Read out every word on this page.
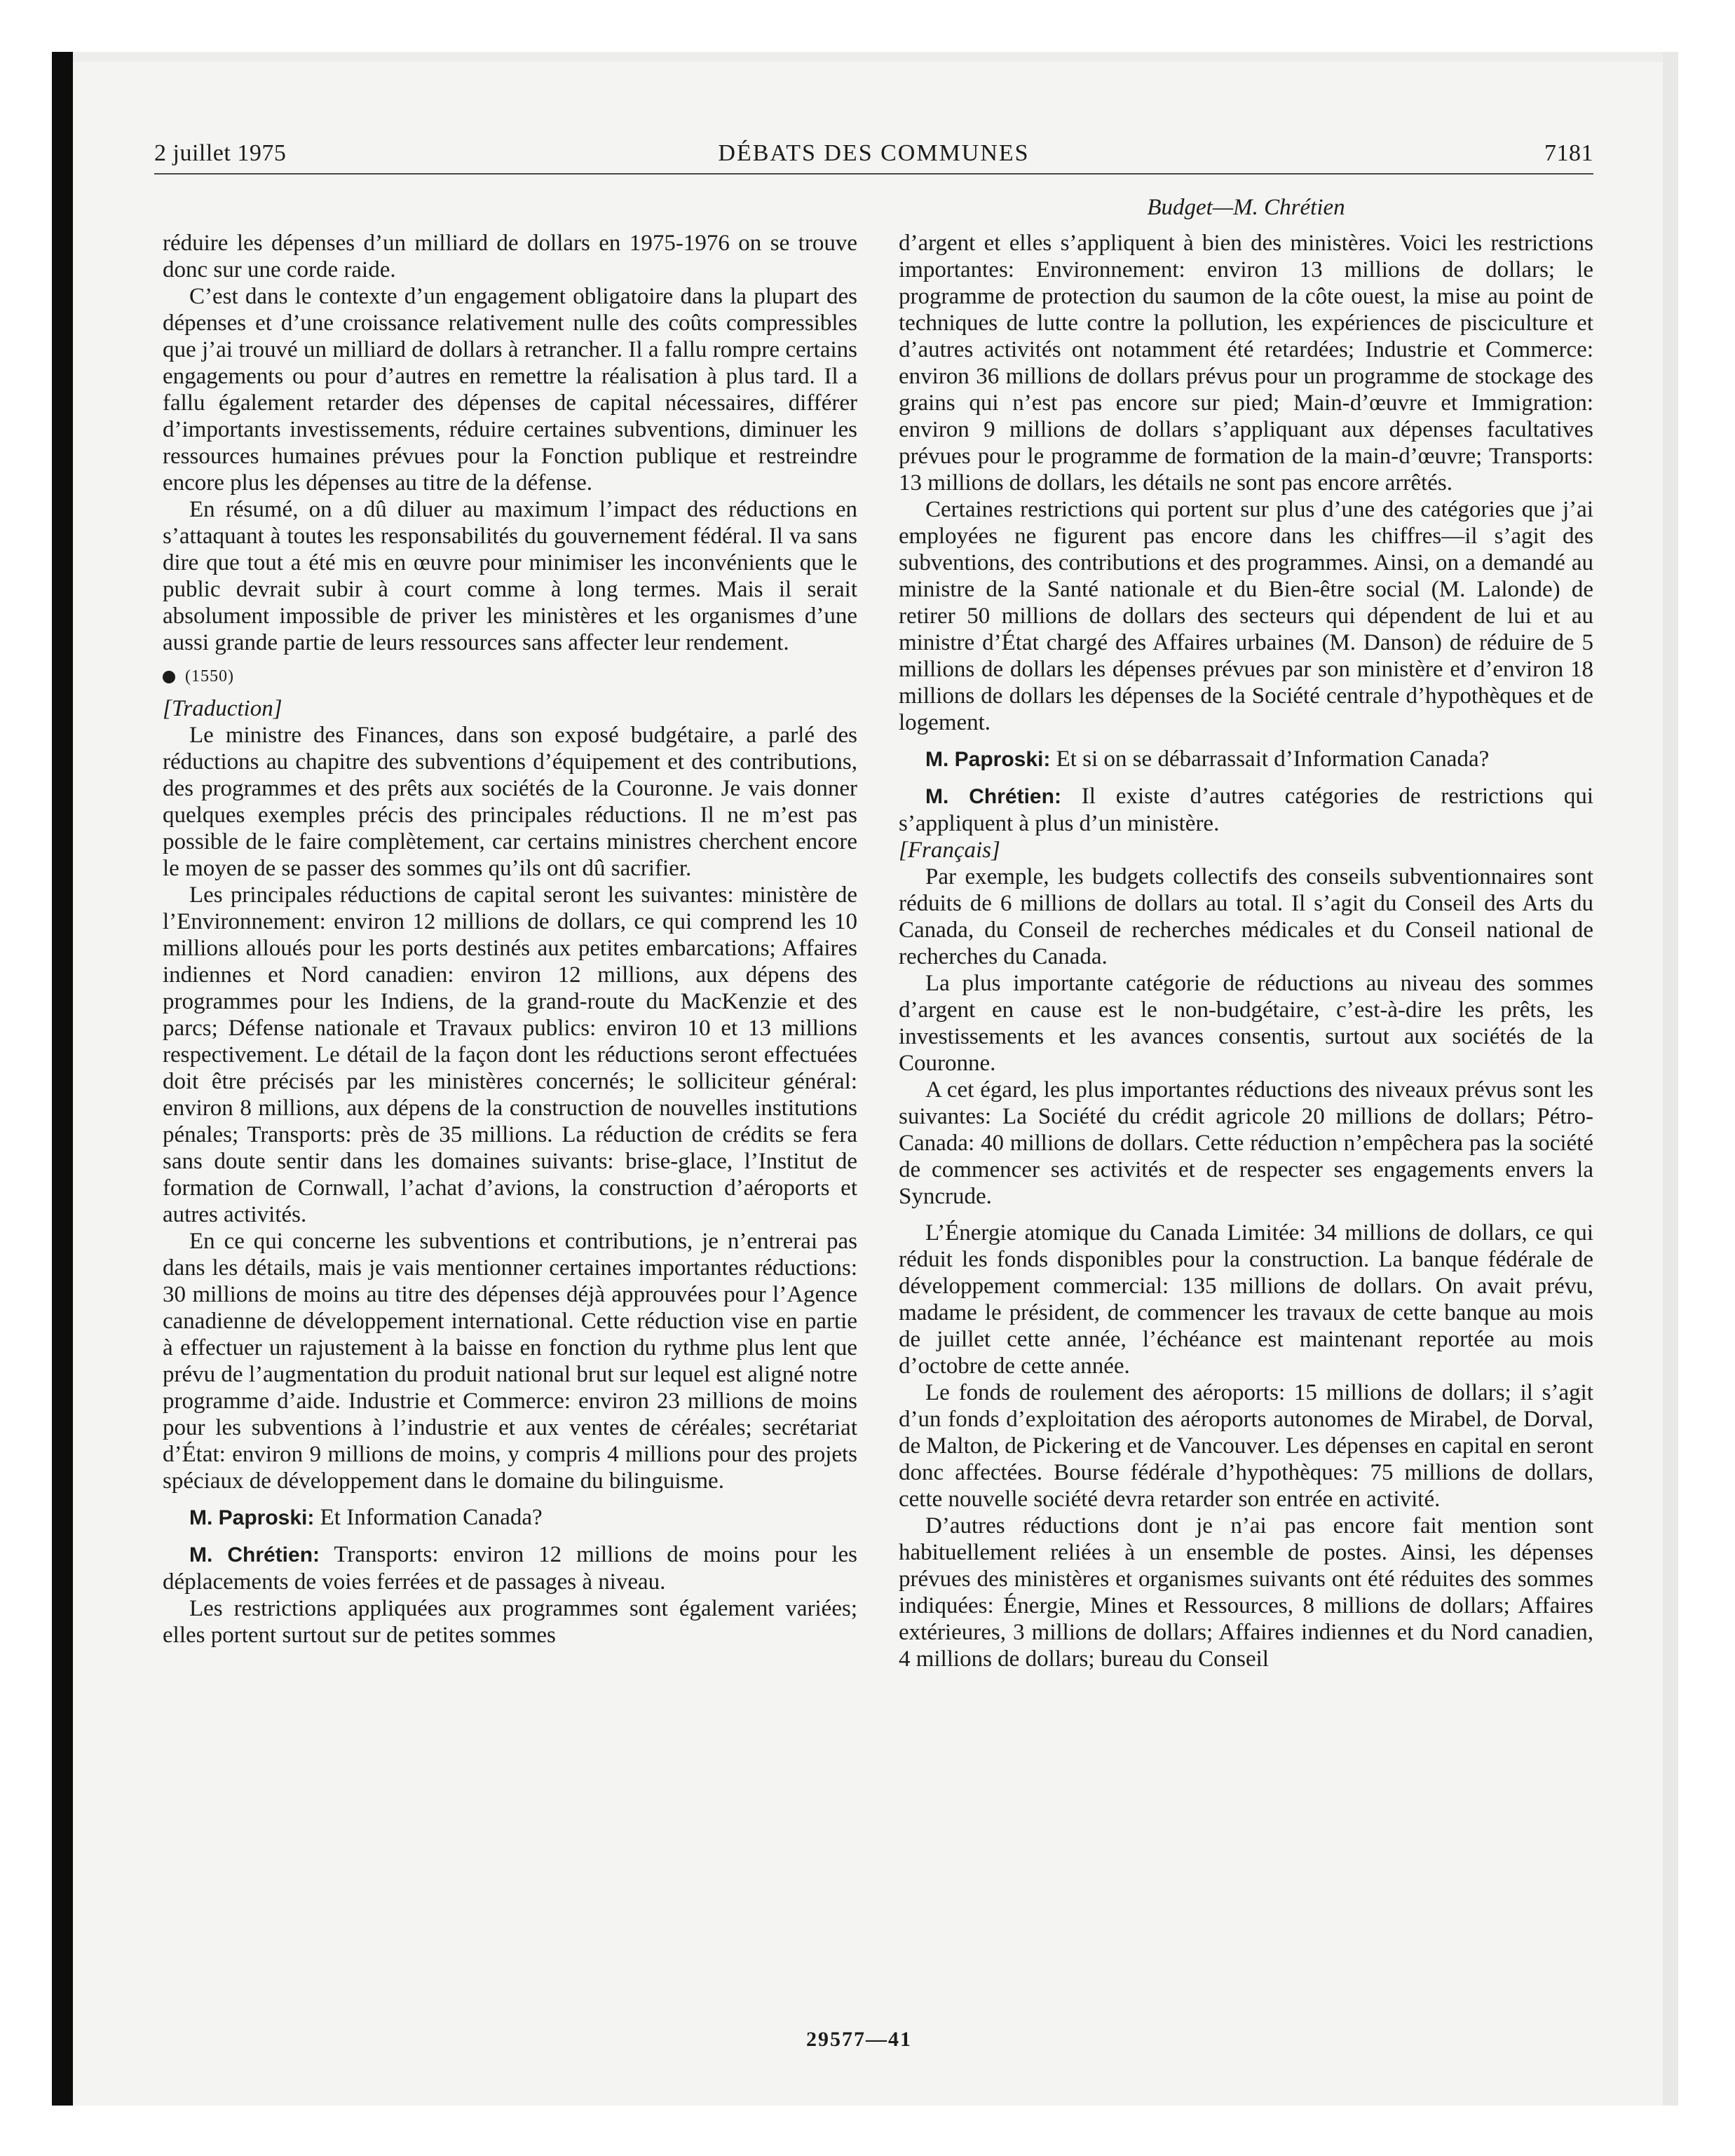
2 juillet 1975	DÉBATS DES COMMUNES	7181
Budget—M. Chrétien

réduire les dépenses d’un milliard de dollars en 1975-1976 on se trouve donc sur une corde raide.

C’est dans le contexte d’un engagement obligatoire dans la plupart des dépenses et d’une croissance relativement nulle des coûts compressibles que j’ai trouvé un milliard de dollars à retrancher. Il a fallu rompre certains engagements ou pour d’autres en remettre la réalisation à plus tard. Il a fallu également retarder des dépenses de capital nécessaires, différer d’importants investissements, réduire certaines subventions, diminuer les ressources humaines prévues pour la Fonction publique et restreindre encore plus les dépenses au titre de la défense.

En résumé, on a dû diluer au maximum l’impact des réductions en s’attaquant à toutes les responsabilités du gouvernement fédéral. Il va sans dire que tout a été mis en œuvre pour minimiser les inconvénients que le public devrait subir à court comme à long termes. Mais il serait absolument impossible de priver les ministères et les organismes d’une aussi grande partie de leurs ressources sans affecter leur rendement.

(1550)

[Traduction]

Le ministre des Finances, dans son exposé budgétaire, a parlé des réductions au chapitre des subventions d’équipement et des contributions, des programmes et des prêts aux sociétés de la Couronne. Je vais donner quelques exemples précis des principales réductions. Il ne m’est pas possible de le faire complètement, car certains ministres cherchent encore le moyen de se passer des sommes qu’ils ont dû sacrifier.

Les principales réductions de capital seront les suivantes: ministère de l’Environnement: environ 12 millions de dollars, ce qui comprend les 10 millions alloués pour les ports destinés aux petites embarcations; Affaires indiennes et Nord canadien: environ 12 millions, aux dépens des programmes pour les Indiens, de la grand-route du MacKenzie et des parcs; Défense nationale et Travaux publics: environ 10 et 13 millions respectivement. Le détail de la façon dont les réductions seront effectuées doit être précisés par les ministères concernés; le solliciteur général: environ 8 millions, aux dépens de la construction de nouvelles institutions pénales; Transports: près de 35 millions. La réduction de crédits se fera sans doute sentir dans les domaines suivants: brise-glace, l’Institut de formation de Cornwall, l’achat d’avions, la construction d’aéroports et autres activités.

En ce qui concerne les subventions et contributions, je n’entrerai pas dans les détails, mais je vais mentionner certaines importantes réductions: 30 millions de moins au titre des dépenses déjà approuvées pour l’Agence canadienne de développement international. Cette réduction vise en partie à effectuer un rajustement à la baisse en fonction du rythme plus lent que prévu de l’augmentation du produit national brut sur lequel est aligné notre programme d’aide. Industrie et Commerce: environ 23 millions de moins pour les subventions à l’industrie et aux ventes de céréales; secrétariat d’État: environ 9 millions de moins, y compris 4 millions pour des projets spéciaux de développement dans le domaine du bilinguisme.

M. Paproski: Et Information Canada?

M. Chrétien: Transports: environ 12 millions de moins pour les déplacements de voies ferrées et de passages à niveau.

Les restrictions appliquées aux programmes sont également variées; elles portent surtout sur de petites sommes

d’argent et elles s’appliquent à bien des ministères. Voici les restrictions importantes: Environnement: environ 13 millions de dollars; le programme de protection du saumon de la côte ouest, la mise au point de techniques de lutte contre la pollution, les expériences de pisciculture et d’autres activités ont notamment été retardées; Industrie et Commerce: environ 36 millions de dollars prévus pour un programme de stockage des grains qui n’est pas encore sur pied; Main-d’œuvre et Immigration: environ 9 millions de dollars s’appliquant aux dépenses facultatives prévues pour le programme de formation de la main-d’œuvre; Transports: 13 millions de dollars, les détails ne sont pas encore arrêtés.

Certaines restrictions qui portent sur plus d’une des catégories que j’ai employées ne figurent pas encore dans les chiffres—il s’agit des subventions, des contributions et des programmes. Ainsi, on a demandé au ministre de la Santé nationale et du Bien-être social (M. Lalonde) de retirer 50 millions de dollars des secteurs qui dépendent de lui et au ministre d’État chargé des Affaires urbaines (M. Danson) de réduire de 5 millions de dollars les dépenses prévues par son ministère et d’environ 18 millions de dollars les dépenses de la Société centrale d’hypothèques et de logement.

M. Paproski: Et si on se débarrassait d’Information Canada?

M. Chrétien: Il existe d’autres catégories de restrictions qui s’appliquent à plus d’un ministère.

[Français]

Par exemple, les budgets collectifs des conseils subventionnaires sont réduits de 6 millions de dollars au total. Il s’agit du Conseil des Arts du Canada, du Conseil de recherches médicales et du Conseil national de recherches du Canada.

La plus importante catégorie de réductions au niveau des sommes d’argent en cause est le non-budgétaire, c’est-à-dire les prêts, les investissements et les avances consentis, surtout aux sociétés de la Couronne.

A cet égard, les plus importantes réductions des niveaux prévus sont les suivantes: La Société du crédit agricole 20 millions de dollars; Pétro-Canada: 40 millions de dollars. Cette réduction n’empêchera pas la société de commencer ses activités et de respecter ses engagements envers la Syncrude.

L’Énergie atomique du Canada Limitée: 34 millions de dollars, ce qui réduit les fonds disponibles pour la construction. La banque fédérale de développement commercial: 135 millions de dollars. On avait prévu, madame le président, de commencer les travaux de cette banque au mois de juillet cette année, l’échéance est maintenant reportée au mois d’octobre de cette année.

Le fonds de roulement des aéroports: 15 millions de dollars; il s’agit d’un fonds d’exploitation des aéroports autonomes de Mirabel, de Dorval, de Malton, de Pickering et de Vancouver. Les dépenses en capital en seront donc affectées. Bourse fédérale d’hypothèques: 75 millions de dollars, cette nouvelle société devra retarder son entrée en activité.

D’autres réductions dont je n’ai pas encore fait mention sont habituellement reliées à un ensemble de postes. Ainsi, les dépenses prévues des ministères et organismes suivants ont été réduites des sommes indiquées: Énergie, Mines et Ressources, 8 millions de dollars; Affaires extérieures, 3 millions de dollars; Affaires indiennes et du Nord canadien, 4 millions de dollars; bureau du Conseil

29577—41
